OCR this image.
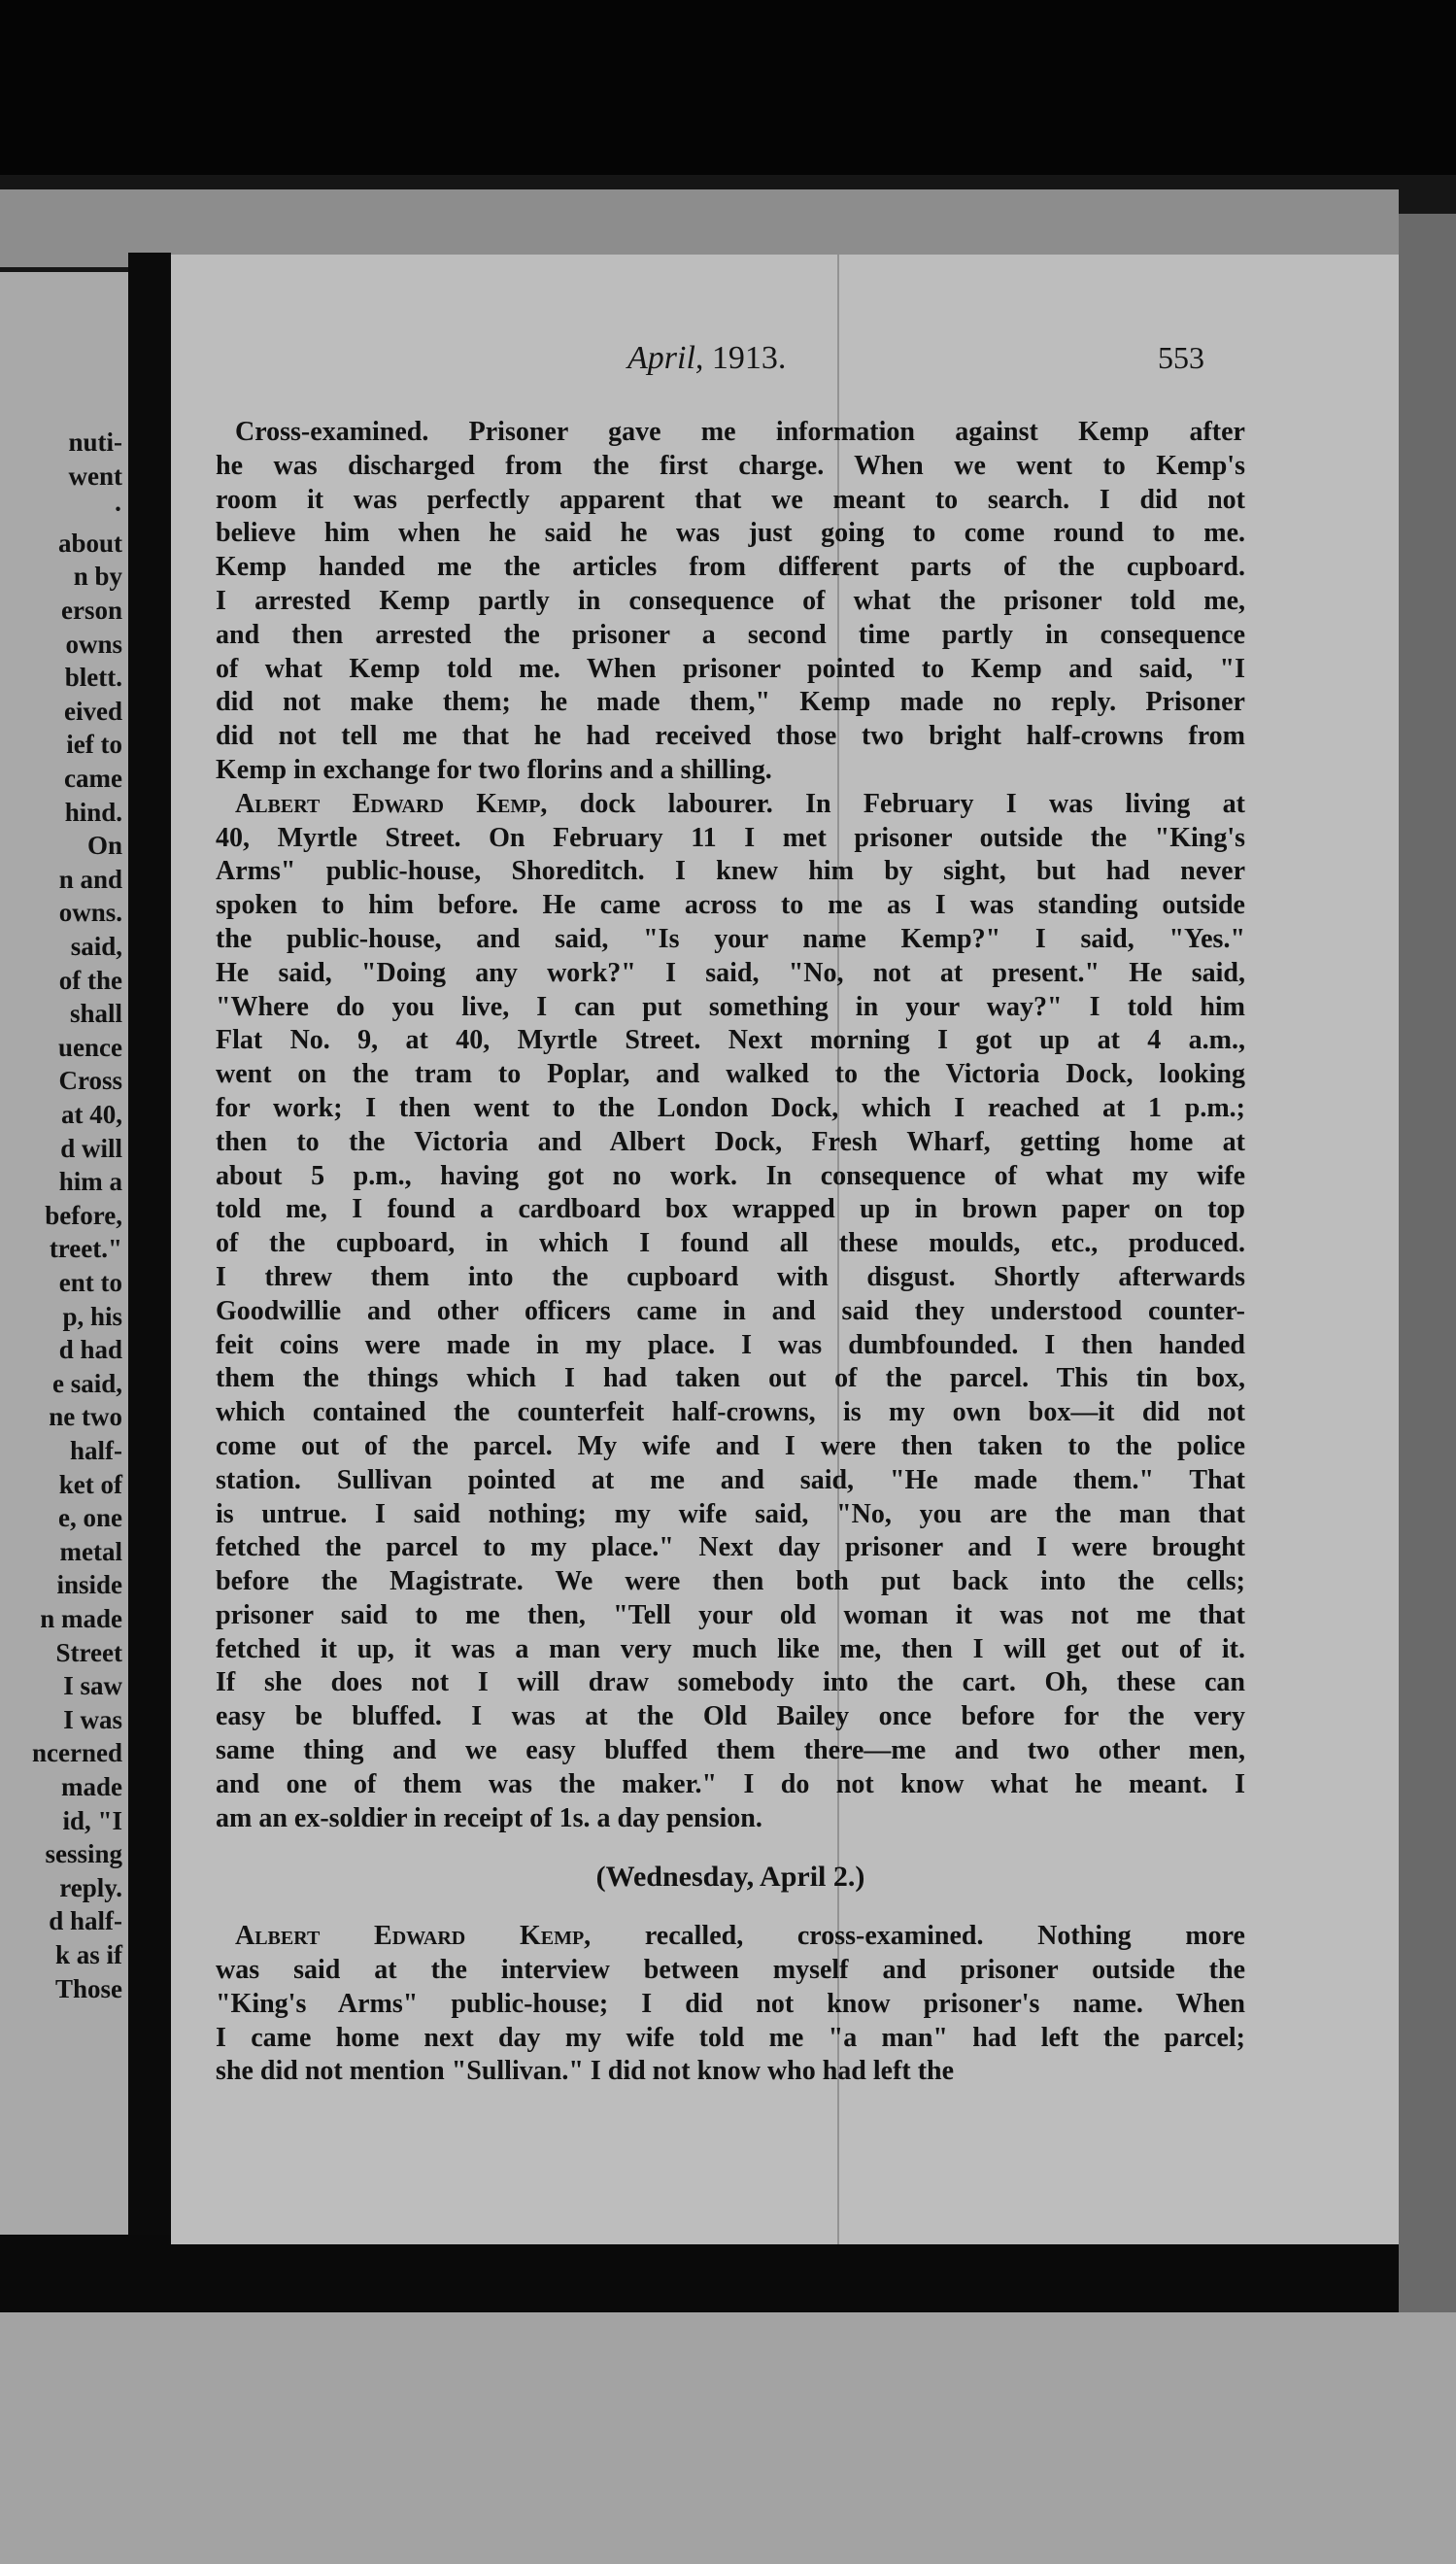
nuti-
went
·
about
n by
erson
owns
blett.
eived
ief to
came
hind.
On
n and
owns.
said,
of the
shall
uence
Cross
at 40,
d will
him a
before,
treet."
ent to
p, his
d had
e said,
ne two
half-
ket of
e, one
metal
inside
n made
Street
I saw
I was
ncerned
made
id, "I
sessing
reply.
d half-
k as if
Those
April, 1913.	553
Cross-examined. Prisoner gave me information against Kemp after
he was discharged from the first charge. When we went to Kemp's
room it was perfectly apparent that we meant to search. I did not
believe him when he said he was just going to come round to me.
Kemp handed me the articles from different parts of the cupboard.
I arrested Kemp partly in consequence of what the prisoner told me,
and then arrested the prisoner a second time partly in consequence
of what Kemp told me. When prisoner pointed to Kemp and said, "I
did not make them; he made them," Kemp made no reply. Prisoner
did not tell me that he had received those two bright half-crowns from
Kemp in exchange for two florins and a shilling.
Albert Edward Kemp, dock labourer. In February I was living at
40, Myrtle Street. On February 11 I met prisoner outside the "King's
Arms" public-house, Shoreditch. I knew him by sight, but had never
spoken to him before. He came across to me as I was standing outside
the public-house, and said, "Is your name Kemp?" I said, "Yes."
He said, "Doing any work?" I said, "No, not at present." He said,
"Where do you live, I can put something in your way?" I told him
Flat No. 9, at 40, Myrtle Street. Next morning I got up at 4 a.m.,
went on the tram to Poplar, and walked to the Victoria Dock, looking
for work; I then went to the London Dock, which I reached at 1 p.m.;
then to the Victoria and Albert Dock, Fresh Wharf, getting home at
about 5 p.m., having got no work. In consequence of what my wife
told me, I found a cardboard box wrapped up in brown paper on top
of the cupboard, in which I found all these moulds, etc., produced.
I threw them into the cupboard with disgust. Shortly afterwards
Goodwillie and other officers came in and said they understood counter-
feit coins were made in my place. I was dumbfounded. I then handed
them the things which I had taken out of the parcel. This tin box,
which contained the counterfeit half-crowns, is my own box—it did not
come out of the parcel. My wife and I were then taken to the police
station. Sullivan pointed at me and said, "He made them." That
is untrue. I said nothing; my wife said, "No, you are the man that
fetched the parcel to my place." Next day prisoner and I were brought
before the Magistrate. We were then both put back into the cells;
prisoner said to me then, "Tell your old woman it was not me that
fetched it up, it was a man very much like me, then I will get out of it.
If she does not I will draw somebody into the cart. Oh, these can
easy be bluffed. I was at the Old Bailey once before for the very
same thing and we easy bluffed them there—me and two other men,
and one of them was the maker." I do not know what he meant. I
am an ex-soldier in receipt of 1s. a day pension.
(Wednesday, April 2.)
Albert Edward Kemp, recalled, cross-examined. Nothing more
was said at the interview between myself and prisoner outside the
"King's Arms" public-house; I did not know prisoner's name. When
I came home next day my wife told me "a man" had left the parcel;
she did not mention "Sullivan." I did not know who had left the
